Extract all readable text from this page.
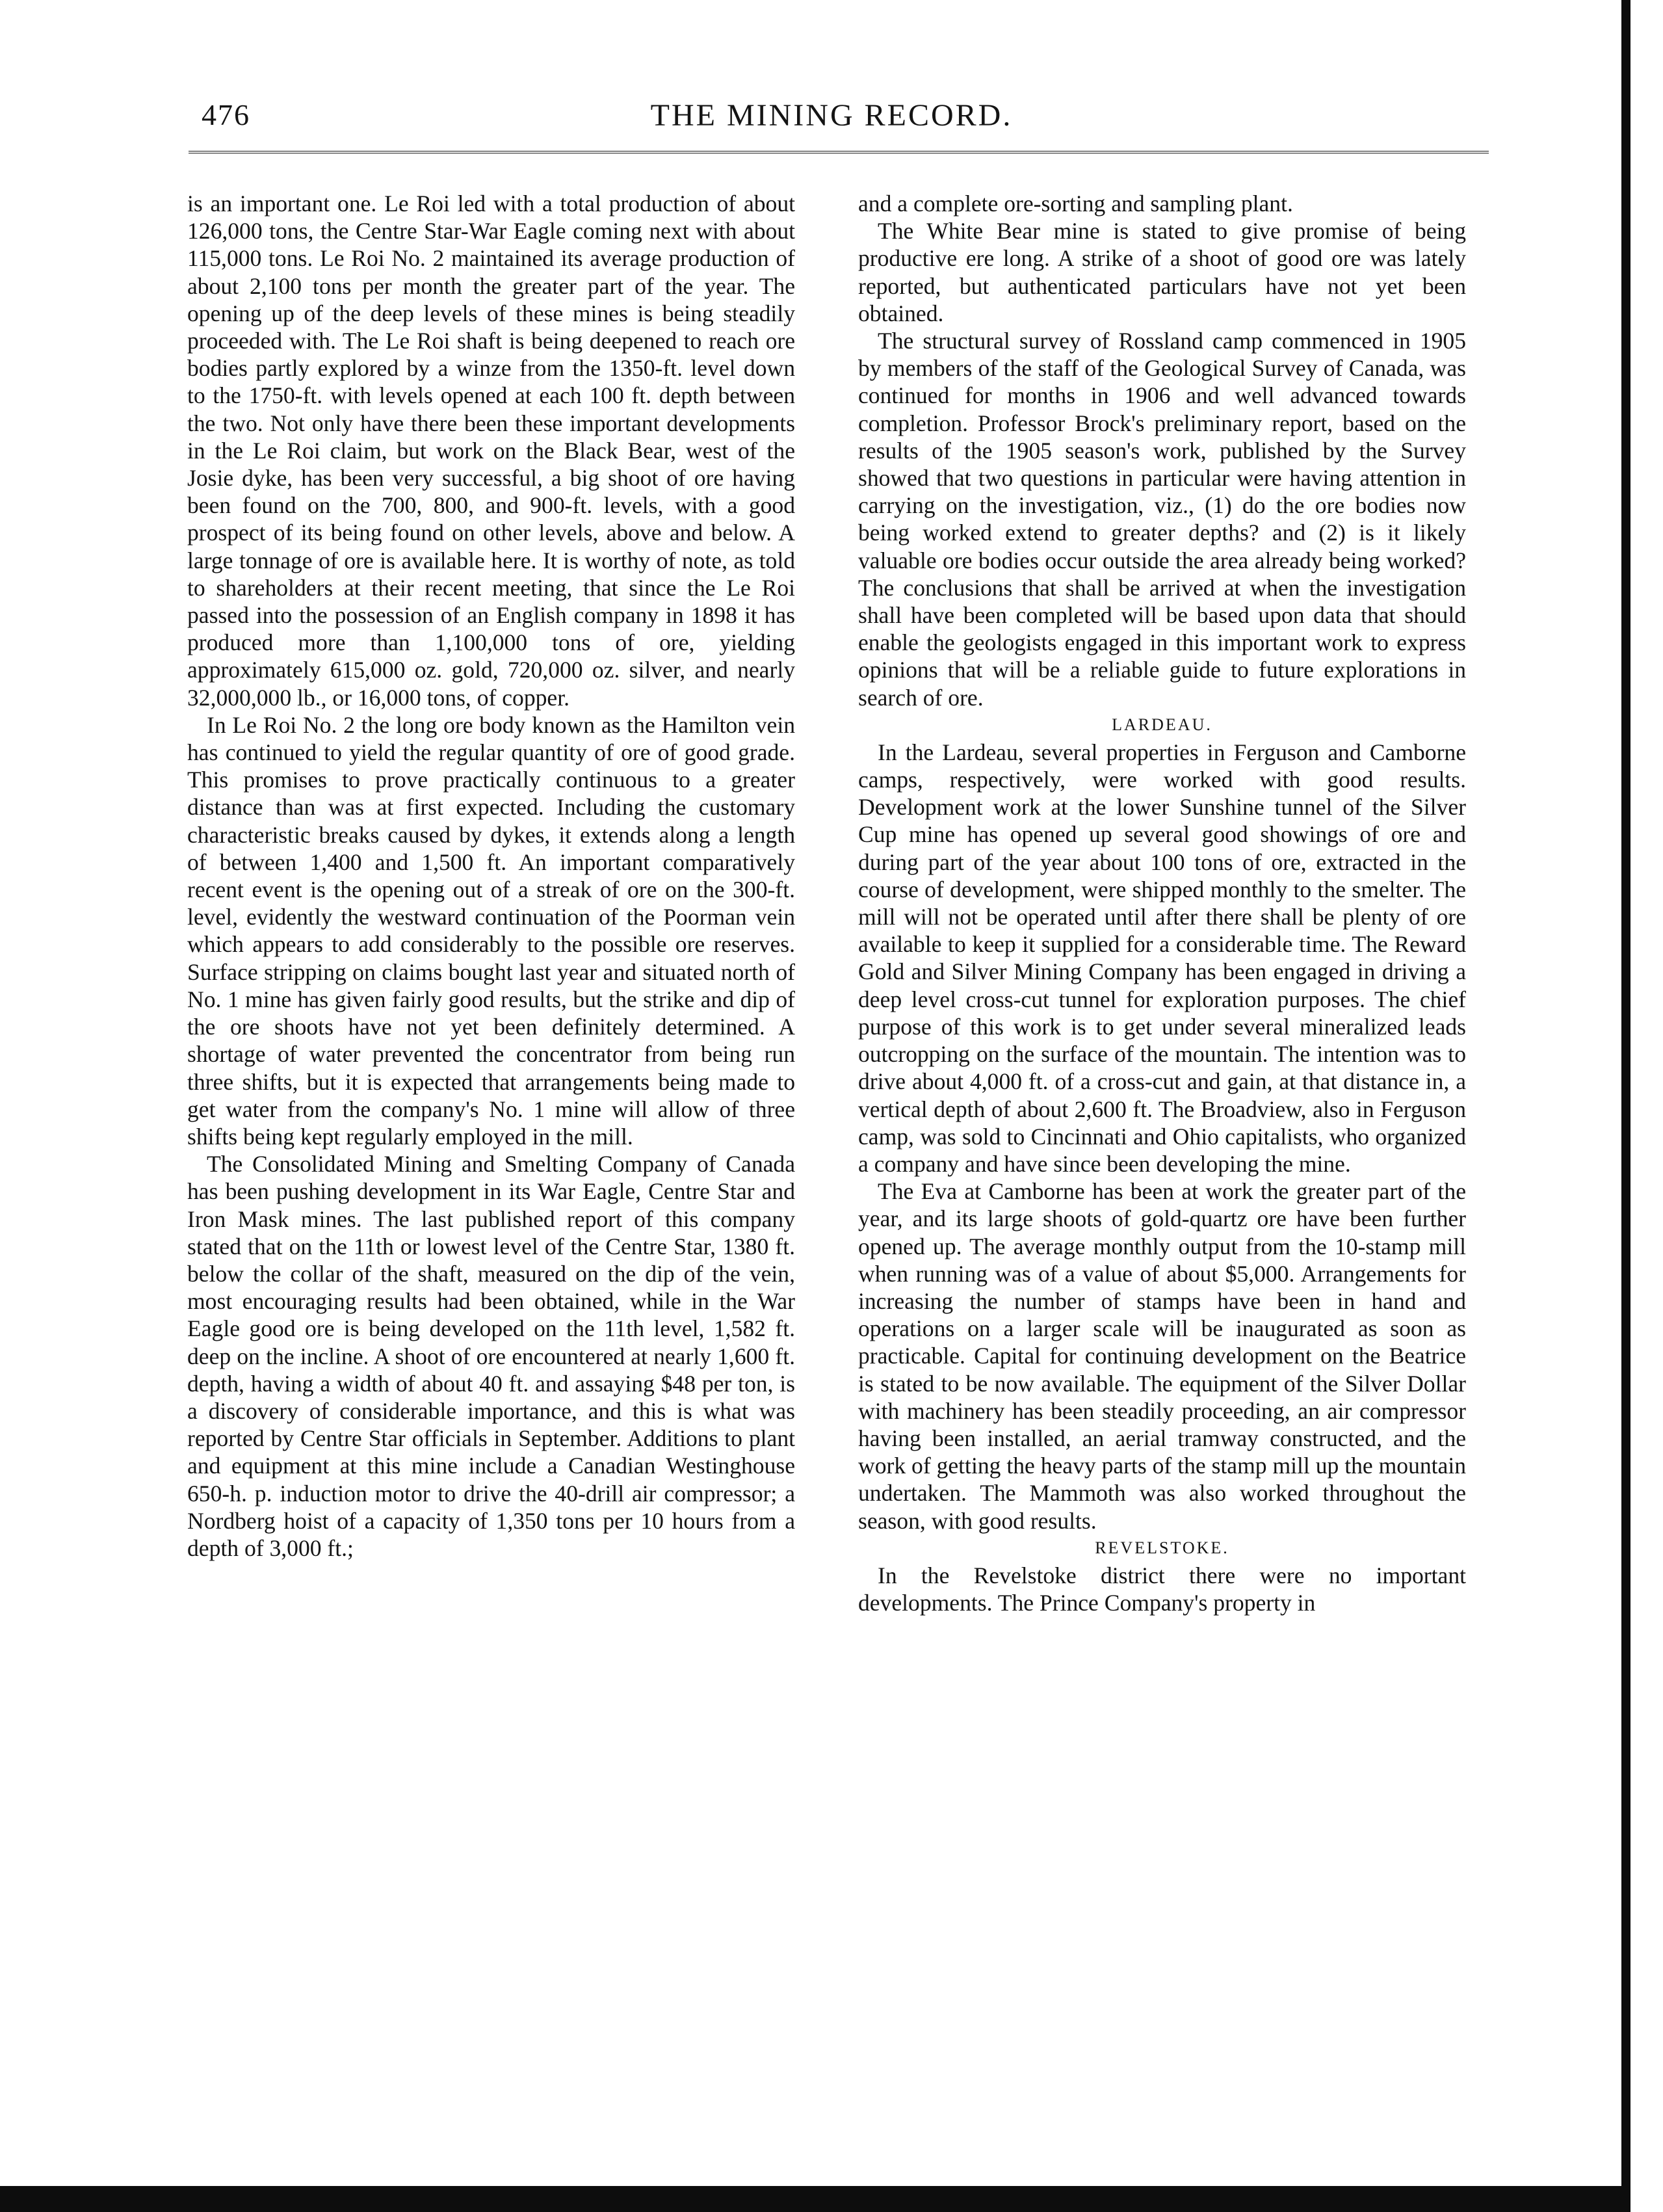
476	THE MINING RECORD.

is an important one. Le Roi led with a total production of about 126,000 tons, the Centre Star-War Eagle coming next with about 115,000 tons. Le Roi No. 2 maintained its average production of about 2,100 tons per month the greater part of the year. The opening up of the deep levels of these mines is being steadily proceeded with. The Le Roi shaft is being deepened to reach ore bodies partly explored by a winze from the 1350-ft. level down to the 1750-ft. with levels opened at each 100 ft. depth between the two. Not only have there been these important developments in the Le Roi claim, but work on the Black Bear, west of the Josie dyke, has been very successful, a big shoot of ore having been found on the 700, 800, and 900-ft. levels, with a good prospect of its being found on other levels, above and below. A large tonnage of ore is available here. It is worthy of note, as told to shareholders at their recent meeting, that since the Le Roi passed into the possession of an English company in 1898 it has produced more than 1,100,000 tons of ore, yielding approximately 615,000 oz. gold, 720,000 oz. silver, and nearly 32,000,000 lb., or 16,000 tons, of copper.

In Le Roi No. 2 the long ore body known as the Hamilton vein has continued to yield the regular quantity of ore of good grade. This promises to prove practically continuous to a greater distance than was at first expected. Including the customary characteristic breaks caused by dykes, it extends along a length of between 1,400 and 1,500 ft. An important comparatively recent event is the opening out of a streak of ore on the 300-ft. level, evidently the westward continuation of the Poorman vein which appears to add considerably to the possible ore reserves. Surface stripping on claims bought last year and situated north of No. 1 mine has given fairly good results, but the strike and dip of the ore shoots have not yet been definitely determined. A shortage of water prevented the concentrator from being run three shifts, but it is expected that arrangements being made to get water from the company's No. 1 mine will allow of three shifts being kept regularly employed in the mill.

The Consolidated Mining and Smelting Company of Canada has been pushing development in its War Eagle, Centre Star and Iron Mask mines. The last published report of this company stated that on the 11th or lowest level of the Centre Star, 1380 ft. below the collar of the shaft, measured on the dip of the vein, most encouraging results had been obtained, while in the War Eagle good ore is being developed on the 11th level, 1,582 ft. deep on the incline. A shoot of ore encountered at nearly 1,600 ft. depth, having a width of about 40 ft. and assaying $48 per ton, is a discovery of considerable importance, and this is what was reported by Centre Star officials in September. Additions to plant and equipment at this mine include a Canadian Westinghouse 650-h. p. induction motor to drive the 40-drill air compressor; a Nordberg hoist of a capacity of 1,350 tons per 10 hours from a depth of 3,000 ft.;

and a complete ore-sorting and sampling plant.

The White Bear mine is stated to give promise of being productive ere long. A strike of a shoot of good ore was lately reported, but authenticated particulars have not yet been obtained.

The structural survey of Rossland camp commenced in 1905 by members of the staff of the Geological Survey of Canada, was continued for months in 1906 and well advanced towards completion. Professor Brock's preliminary report, based on the results of the 1905 season's work, published by the Survey showed that two questions in particular were having attention in carrying on the investigation, viz., (1) do the ore bodies now being worked extend to greater depths? and (2) is it likely valuable ore bodies occur outside the area already being worked? The conclusions that shall be arrived at when the investigation shall have been completed will be based upon data that should enable the geologists engaged in this important work to express opinions that will be a reliable guide to future explorations in search of ore.

LARDEAU.

In the Lardeau, several properties in Ferguson and Camborne camps, respectively, were worked with good results. Development work at the lower Sunshine tunnel of the Silver Cup mine has opened up several good showings of ore and during part of the year about 100 tons of ore, extracted in the course of development, were shipped monthly to the smelter. The mill will not be operated until after there shall be plenty of ore available to keep it supplied for a considerable time. The Reward Gold and Silver Mining Company has been engaged in driving a deep level cross-cut tunnel for exploration purposes. The chief purpose of this work is to get under several mineralized leads outcropping on the surface of the mountain. The intention was to drive about 4,000 ft. of a cross-cut and gain, at that distance in, a vertical depth of about 2,600 ft. The Broadview, also in Ferguson camp, was sold to Cincinnati and Ohio capitalists, who organized a company and have since been developing the mine.

The Eva at Camborne has been at work the greater part of the year, and its large shoots of gold-quartz ore have been further opened up. The average monthly output from the 10-stamp mill when running was of a value of about $5,000. Arrangements for increasing the number of stamps have been in hand and operations on a larger scale will be inaugurated as soon as practicable. Capital for continuing development on the Beatrice is stated to be now available. The equipment of the Silver Dollar with machinery has been steadily proceeding, an air compressor having been installed, an aerial tramway constructed, and the work of getting the heavy parts of the stamp mill up the mountain undertaken. The Mammoth was also worked throughout the season, with good results.

REVELSTOKE.

In the Revelstoke district there were no important developments. The Prince Company's property in
